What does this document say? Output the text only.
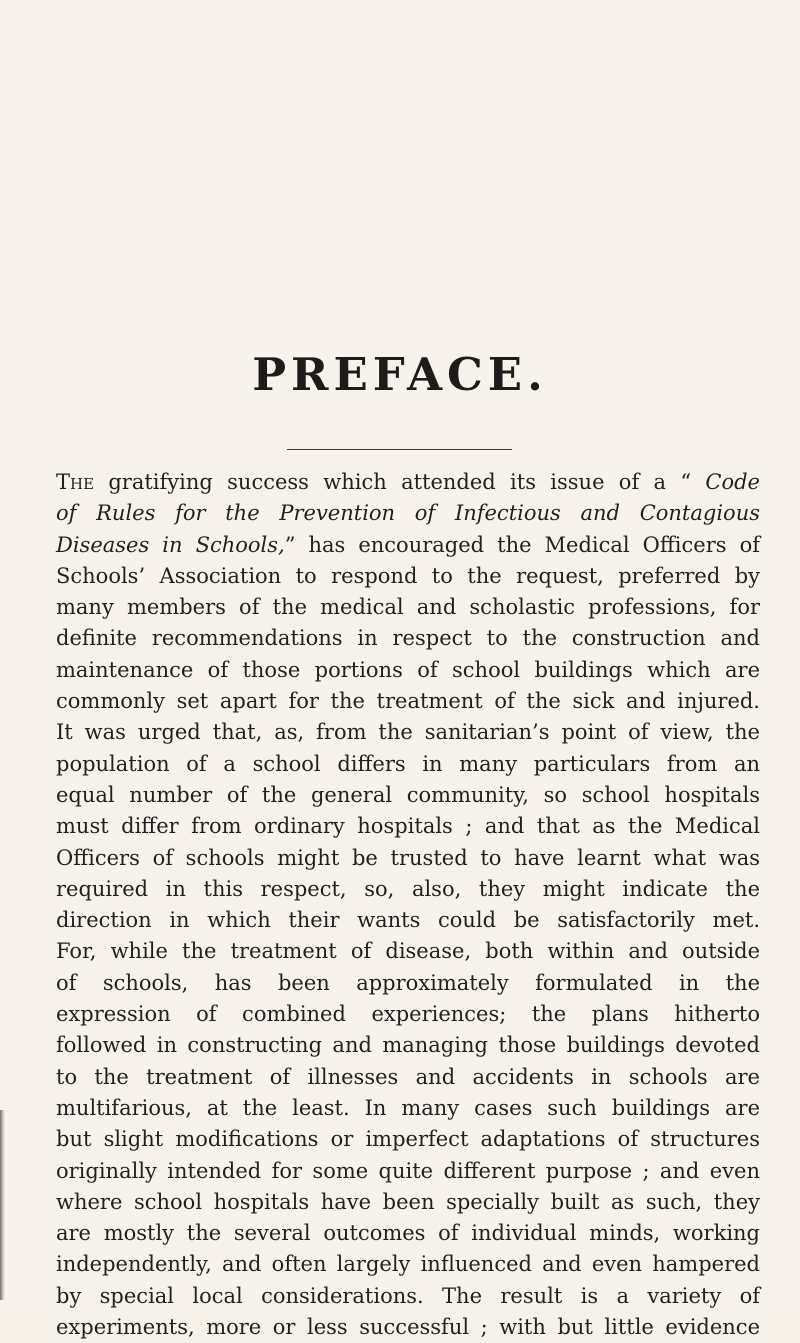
PREFACE.
The gratifying success which attended its issue of a “ Code
of Rules for the Prevention of Infectious and Contagious
Diseases in Schools,” has encouraged the Medical Officers of
Schools’ Association to respond to the request, preferred by
many members of the medical and scholastic professions, for
definite recommendations in respect to the construction and
maintenance of those portions of school buildings which are
commonly set apart for the treatment of the sick and injured.
It was urged that, as, from the sanitarian’s point of view, the
population of a school differs in many particulars from an
equal number of the general community, so school hospitals
must differ from ordinary hospitals ; and that as the Medical
Officers of schools might be trusted to have learnt what was
required in this respect, so, also, they might indicate the
direction in which their wants could be satisfactorily met.
For, while the treatment of disease, both within and outside
of schools, has been approximately formulated in the
expression of combined experiences; the plans hitherto
followed in constructing and managing those buildings devoted
to the treatment of illnesses and accidents in schools are
multifarious, at the least. In many cases such buildings are
but slight modifications or imperfect adaptations of structures
originally intended for some quite different purpose ; and even
where school hospitals have been specially built as such, they
are mostly the several outcomes of individual minds, working
independently, and often largely influenced and even hampered
by special local considerations. The result is a variety of
experiments, more or less successful ; with but little evidence
